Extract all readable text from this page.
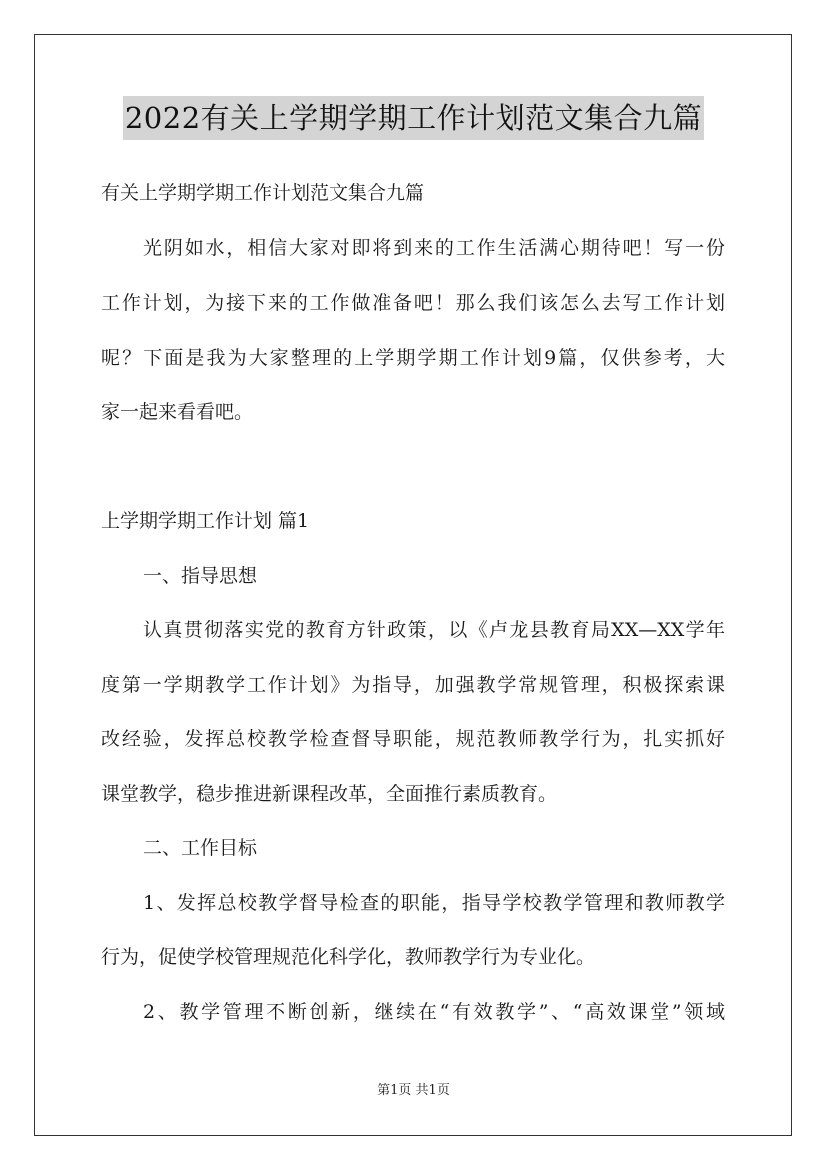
2022有关上学期学期工作计划范文集合九篇
有关上学期学期工作计划范文集合九篇
光阴如水，相信大家对即将到来的工作生活满心期待吧！写一份
工作计划，为接下来的工作做准备吧！那么我们该怎么去写工作计划
呢？下面是我为大家整理的上学期学期工作计划9篇，仅供参考，大
家一起来看看吧。
上学期学期工作计划 篇1
一、指导思想
认真贯彻落实党的教育方针政策，以《卢龙县教育局XX—XX学年
度第一学期教学工作计划》为指导，加强教学常规管理，积极探索课
改经验，发挥总校教学检查督导职能，规范教师教学行为，扎实抓好
课堂教学，稳步推进新课程改革，全面推行素质教育。
二、工作目标
1、发挥总校教学督导检查的职能，指导学校教学管理和教师教学
行为，促使学校管理规范化科学化，教师教学行为专业化。
2、教学管理不断创新，继续在“有效教学”、“高效课堂”领域
第1页 共1页
